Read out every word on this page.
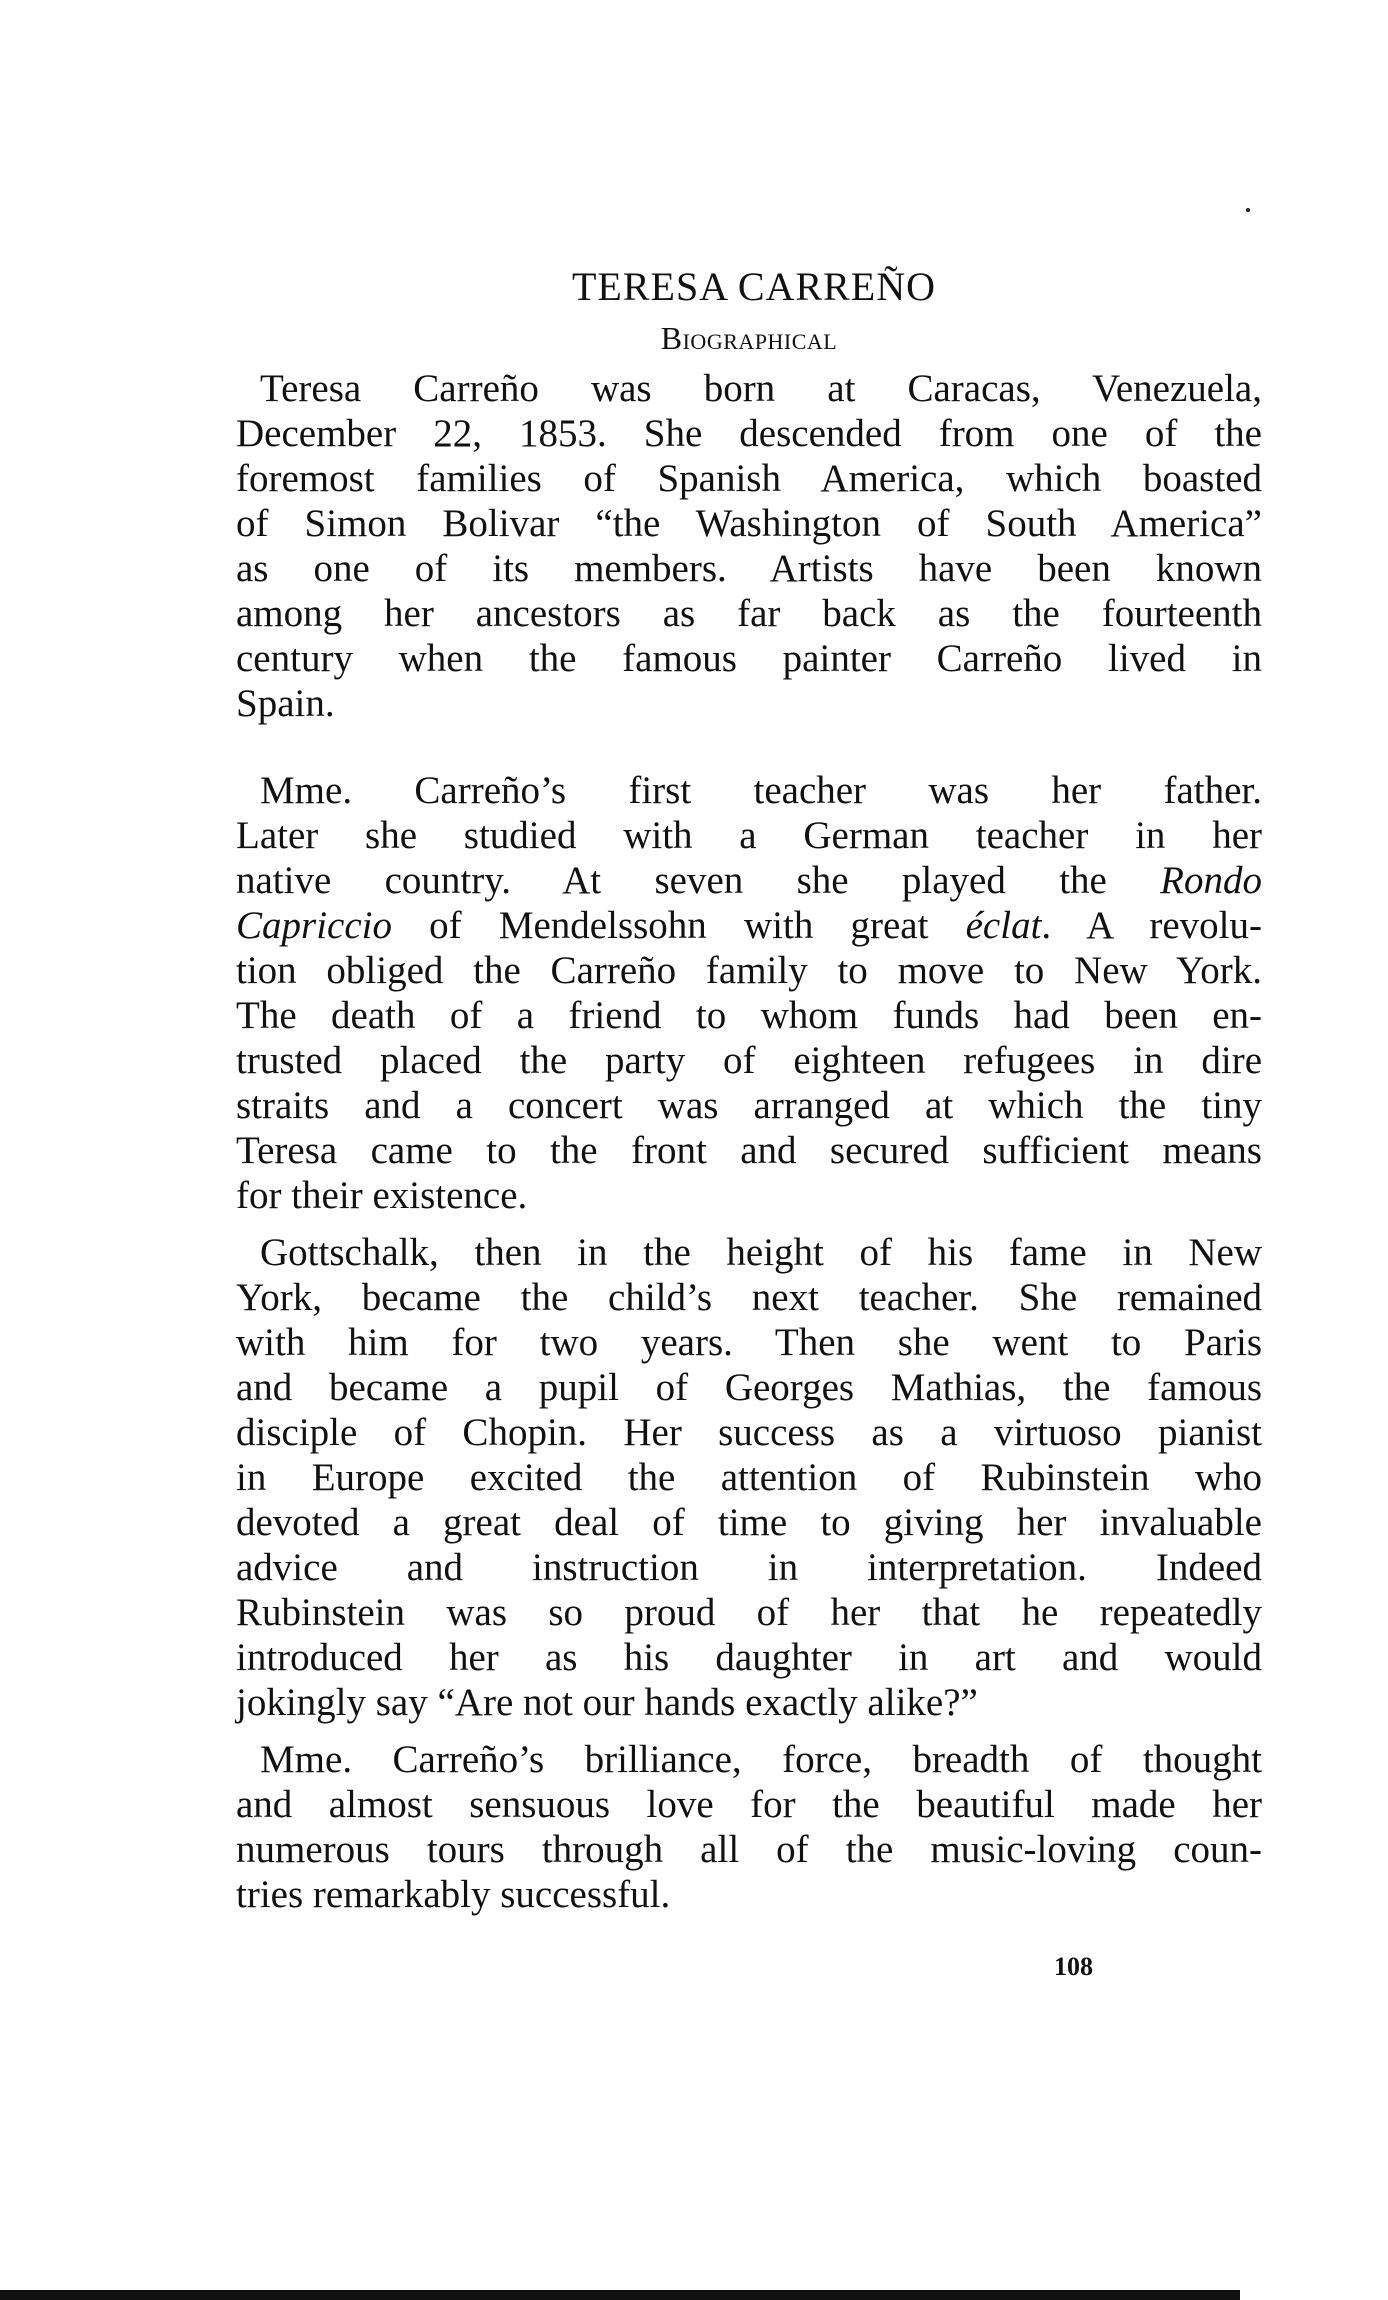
TERESA CARREÑO
Biographical
Teresa Carreño was born at Caracas, Venezuela,
December 22, 1853. She descended from one of the
foremost families of Spanish America, which boasted
of Simon Bolivar “the Washington of South America”
as one of its members. Artists have been known
among her ancestors as far back as the fourteenth
century when the famous painter Carreño lived in
Spain.
Mme. Carreño’s first teacher was her father.
Later she studied with a German teacher in her
native country. At seven she played the Rondo
Capriccio of Mendelssohn with great éclat. A revolu-
tion obliged the Carreño family to move to New York.
The death of a friend to whom funds had been en-
trusted placed the party of eighteen refugees in dire
straits and a concert was arranged at which the tiny
Teresa came to the front and secured sufficient means
for their existence.
Gottschalk, then in the height of his fame in New
York, became the child’s next teacher. She remained
with him for two years. Then she went to Paris
and became a pupil of Georges Mathias, the famous
disciple of Chopin. Her success as a virtuoso pianist
in Europe excited the attention of Rubinstein who
devoted a great deal of time to giving her invaluable
advice and instruction in interpretation. Indeed
Rubinstein was so proud of her that he repeatedly
introduced her as his daughter in art and would
jokingly say “Are not our hands exactly alike?”
Mme. Carreño’s brilliance, force, breadth of thought
and almost sensuous love for the beautiful made her
numerous tours through all of the music-loving coun-
tries remarkably successful.
108
